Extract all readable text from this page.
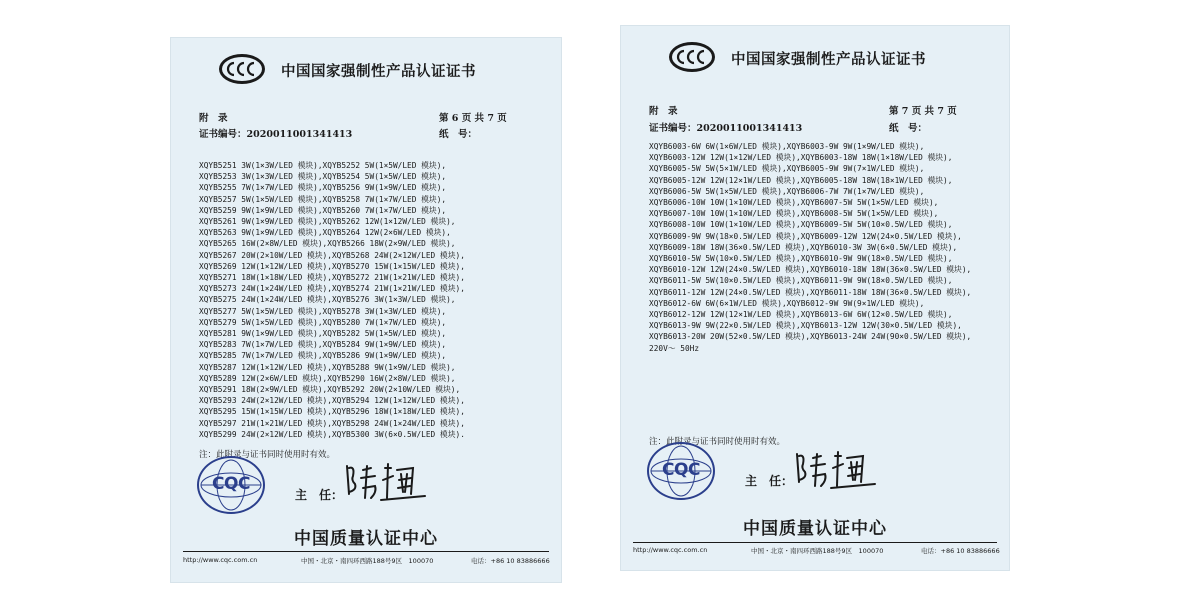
中国国家强制性产品认证证书
附　录	第 6 页 共 7 页
证书编号：2020011001341413	纸　号：
XQYB5251 3W(1×3W/LED 模块),XQYB5252 5W(1×5W/LED 模块),
XQYB5253 3W(1×3W/LED 模块),XQYB5254 5W(1×5W/LED 模块),
XQYB5255 7W(1×7W/LED 模块),XQYB5256 9W(1×9W/LED 模块),
XQYB5257 5W(1×5W/LED 模块),XQYB5258 7W(1×7W/LED 模块),
XQYB5259 9W(1×9W/LED 模块),XQYB5260 7W(1×7W/LED 模块),
XQYB5261 9W(1×9W/LED 模块),XQYB5262 12W(1×12W/LED 模块),
XQYB5263 9W(1×9W/LED 模块),XQYB5264 12W(2×6W/LED 模块),
XQYB5265 16W(2×8W/LED 模块),XQYB5266 18W(2×9W/LED 模块),
XQYB5267 20W(2×10W/LED 模块),XQYB5268 24W(2×12W/LED 模块),
XQYB5269 12W(1×12W/LED 模块),XQYB5270 15W(1×15W/LED 模块),
XQYB5271 18W(1×18W/LED 模块),XQYB5272 21W(1×21W/LED 模块),
XQYB5273 24W(1×24W/LED 模块),XQYB5274 21W(1×21W/LED 模块),
XQYB5275 24W(1×24W/LED 模块),XQYB5276 3W(1×3W/LED 模块),
XQYB5277 5W(1×5W/LED 模块),XQYB5278 3W(1×3W/LED 模块),
XQYB5279 5W(1×5W/LED 模块),XQYB5280 7W(1×7W/LED 模块),
XQYB5281 9W(1×9W/LED 模块),XQYB5282 5W(1×5W/LED 模块),
XQYB5283 7W(1×7W/LED 模块),XQYB5284 9W(1×9W/LED 模块),
XQYB5285 7W(1×7W/LED 模块),XQYB5286 9W(1×9W/LED 模块),
XQYB5287 12W(1×12W/LED 模块),XQYB5288 9W(1×9W/LED 模块),
XQYB5289 12W(2×6W/LED 模块),XQYB5290 16W(2×8W/LED 模块),
XQYB5291 18W(2×9W/LED 模块),XQYB5292 20W(2×10W/LED 模块),
XQYB5293 24W(2×12W/LED 模块),XQYB5294 12W(1×12W/LED 模块),
XQYB5295 15W(1×15W/LED 模块),XQYB5296 18W(1×18W/LED 模块),
XQYB5297 21W(1×21W/LED 模块),XQYB5298 24W(1×24W/LED 模块),
XQYB5299 24W(2×12W/LED 模块),XQYB5300 3W(6×0.5W/LED 模块).
注：此附录与证书同时使用时有效。
CQC
主　任：
中国质量认证中心
http://www.cqc.com.cn	中国・北京・南四环西路188号9区　100070	电话：+86 10 83886666
中国国家强制性产品认证证书
附　录	第 7 页 共 7 页
证书编号：2020011001341413	纸　号：
XQYB6003-6W 6W(1×6W/LED 模块),XQYB6003-9W 9W(1×9W/LED 模块),
XQYB6003-12W 12W(1×12W/LED 模块),XQYB6003-18W 18W(1×18W/LED 模块),
XQYB6005-5W 5W(5×1W/LED 模块),XQYB6005-9W 9W(7×1W/LED 模块),
XQYB6005-12W 12W(12×1W/LED 模块),XQYB6005-18W 18W(18×1W/LED 模块),
XQYB6006-5W 5W(1×5W/LED 模块),XQYB6006-7W 7W(1×7W/LED 模块),
XQYB6006-10W 10W(1×10W/LED 模块),XQYB6007-5W 5W(1×5W/LED 模块),
XQYB6007-10W 10W(1×10W/LED 模块),XQYB6008-5W 5W(1×5W/LED 模块),
XQYB6008-10W 10W(1×10W/LED 模块),XQYB6009-5W 5W(10×0.5W/LED 模块),
XQYB6009-9W 9W(18×0.5W/LED 模块),XQYB6009-12W 12W(24×0.5W/LED 模块),
XQYB6009-18W 18W(36×0.5W/LED 模块),XQYB6010-3W 3W(6×0.5W/LED 模块),
XQYB6010-5W 5W(10×0.5W/LED 模块),XQYB6010-9W 9W(18×0.5W/LED 模块),
XQYB6010-12W 12W(24×0.5W/LED 模块),XQYB6010-18W 18W(36×0.5W/LED 模块),
XQYB6011-5W 5W(10×0.5W/LED 模块),XQYB6011-9W 9W(18×0.5W/LED 模块),
XQYB6011-12W 12W(24×0.5W/LED 模块),XQYB6011-18W 18W(36×0.5W/LED 模块),
XQYB6012-6W 6W(6×1W/LED 模块),XQYB6012-9W 9W(9×1W/LED 模块),
XQYB6012-12W 12W(12×1W/LED 模块),XQYB6013-6W 6W(12×0.5W/LED 模块),
XQYB6013-9W 9W(22×0.5W/LED 模块),XQYB6013-12W 12W(30×0.5W/LED 模块),
XQYB6013-20W 20W(52×0.5W/LED 模块),XQYB6013-24W 24W(90×0.5W/LED 模块),
220V～ 50Hz
注：此附录与证书同时使用时有效。
CQC
主　任：
中国质量认证中心
http://www.cqc.com.cn	中国・北京・南四环西路188号9区　100070	电话：+86 10 83886666
